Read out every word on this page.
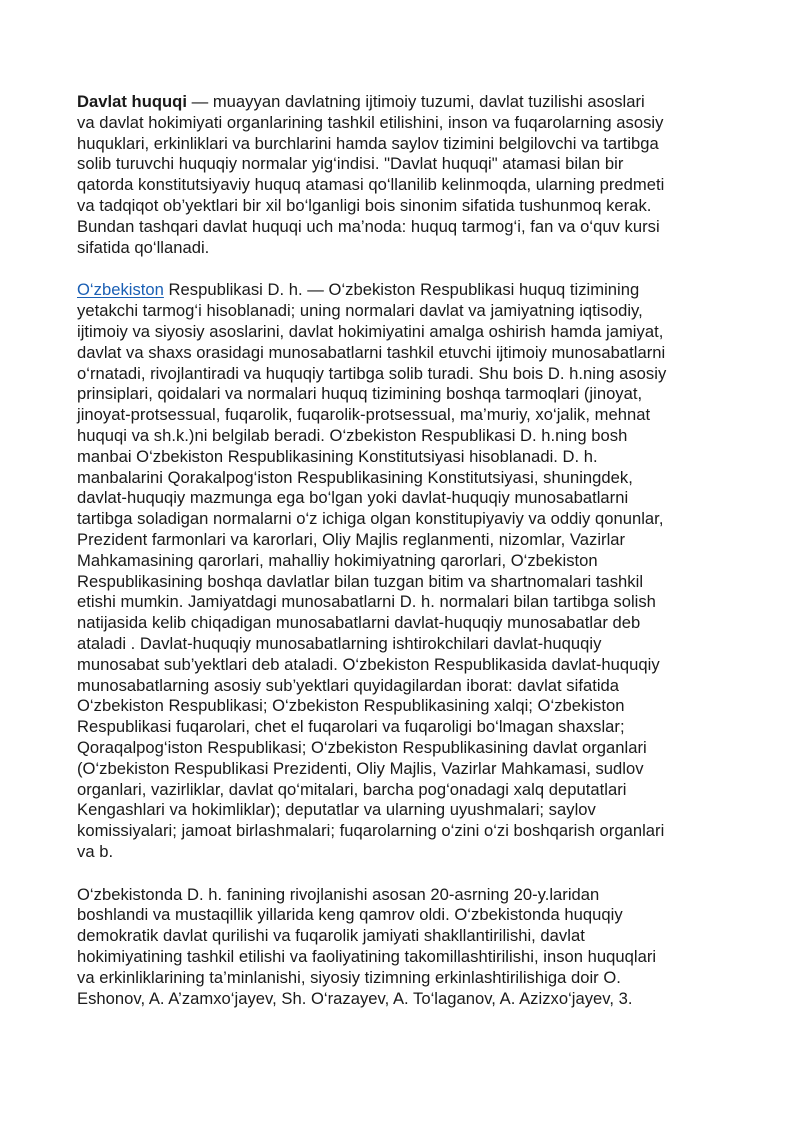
Davlat huquqi — muayyan davlatning ijtimoiy tuzumi, davlat tuzilishi asoslari
va davlat hokimiyati organlarining tashkil etilishini, inson va fuqarolarning asosiy
huquklari, erkinliklari va burchlarini hamda saylov tizimini belgilovchi va tartibga
solib turuvchi huquqiy normalar yig‘indisi. "Davlat huquqi" atamasi bilan bir
qatorda konstitutsiyaviy huquq atamasi qo‘llanilib kelinmoqda, ularning predmeti
va tadqiqot ob’yektlari bir xil bo‘lganligi bois sinonim sifatida tushunmoq kerak.
Bundan tashqari davlat huquqi uch ma’noda: huquq tarmog‘i, fan va o‘quv kursi
sifatida qo‘llanadi.

O‘zbekiston Respublikasi D. h. — O‘zbekiston Respublikasi huquq tizimining
yetakchi tarmog‘i hisoblanadi; uning normalari davlat va jamiyatning iqtisodiy,
ijtimoiy va siyosiy asoslarini, davlat hokimiyatini amalga oshirish hamda jamiyat,
davlat va shaxs orasidagi munosabatlarni tashkil etuvchi ijtimoiy munosabatlarni
o‘rnatadi, rivojlantiradi va huquqiy tartibga solib turadi. Shu bois D. h.ning asosiy
prinsiplari, qoidalari va normalari huquq tizimining boshqa tarmoqlari (jinoyat,
jinoyat-protsessual, fuqarolik, fuqarolik-protsessual, ma’muriy, xo‘jalik, mehnat
huquqi va sh.k.)ni belgilab beradi. O‘zbekiston Respublikasi D. h.ning bosh
manbai O‘zbekiston Respublikasining Konstitutsiyasi hisoblanadi. D. h.
manbalarini Qorakalpog‘iston Respublikasining Konstitutsiyasi, shuningdek,
davlat-huquqiy mazmunga ega bo‘lgan yoki davlat-huquqiy munosabatlarni
tartibga soladigan normalarni o‘z ichiga olgan konstitupiyaviy va oddiy qonunlar,
Prezident farmonlari va karorlari, Oliy Majlis reglanmenti, nizomlar, Vazirlar
Mahkamasining qarorlari, mahalliy hokimiyatning qarorlari, O‘zbekiston
Respublikasining boshqa davlatlar bilan tuzgan bitim va shartnomalari tashkil
etishi mumkin. Jamiyatdagi munosabatlarni D. h. normalari bilan tartibga solish
natijasida kelib chiqadigan munosabatlarni davlat-huquqiy munosabatlar deb
ataladi . Davlat-huquqiy munosabatlarning ishtirokchilari davlat-huquqiy
munosabat sub’yektlari deb ataladi. O‘zbekiston Respublikasida davlat-huquqiy
munosabatlarning asosiy sub’yektlari quyidagilardan iborat: davlat sifatida
O‘zbekiston Respublikasi; O‘zbekiston Respublikasining xalqi; O‘zbekiston
Respublikasi fuqarolari, chet el fuqarolari va fuqaroligi bo‘lmagan shaxslar;
Qoraqalpog‘iston Respublikasi; O‘zbekiston Respublikasining davlat organlari
(O‘zbekiston Respublikasi Prezidenti, Oliy Majlis, Vazirlar Mahkamasi, sudlov
organlari, vazirliklar, davlat qo‘mitalari, barcha pog‘onadagi xalq deputatlari
Kengashlari va hokimliklar); deputatlar va ularning uyushmalari; saylov
komissiyalari; jamoat birlashmalari; fuqarolarning o‘zini o‘zi boshqarish organlari
va b.

O‘zbekistonda D. h. fanining rivojlanishi asosan 20-asrning 20-y.laridan
boshlandi va mustaqillik yillarida keng qamrov oldi. O‘zbekistonda huquqiy
demokratik davlat qurilishi va fuqarolik jamiyati shakllantirilishi, davlat
hokimiyatining tashkil etilishi va faoliyatining takomillashtirilishi, inson huquqlari
va erkinliklarining ta’minlanishi, siyosiy tizimning erkinlashtirilishiga doir O.
Eshonov, A. A’zamxo‘jayev, Sh. O‘razayev, A. To‘laganov, A. Azizxo‘jayev, 3.
